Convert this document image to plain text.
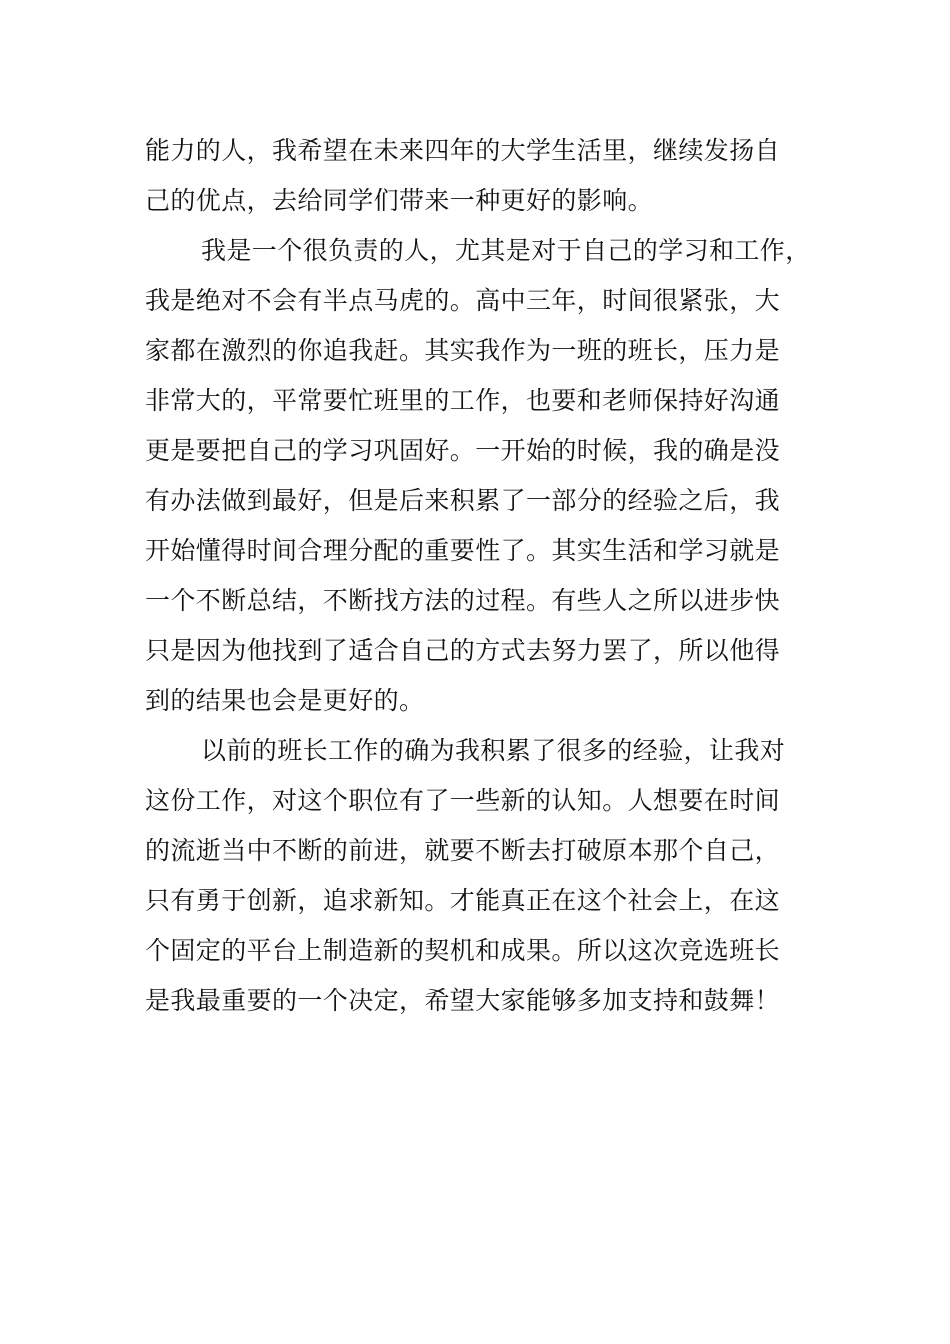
能力的人，我希望在未来四年的大学生活里，继续发扬自
己的优点，去给同学们带来一种更好的影响。
我是一个很负责的人，尤其是对于自己的学习和工作，
我是绝对不会有半点马虎的。高中三年，时间很紧张，大
家都在激烈的你追我赶。其实我作为一班的班长，压力是
非常大的，平常要忙班里的工作，也要和老师保持好沟通
更是要把自己的学习巩固好。一开始的时候，我的确是没
有办法做到最好，但是后来积累了一部分的经验之后，我
开始懂得时间合理分配的重要性了。其实生活和学习就是
一个不断总结，不断找方法的过程。有些人之所以进步快
只是因为他找到了适合自己的方式去努力罢了，所以他得
到的结果也会是更好的。
以前的班长工作的确为我积累了很多的经验，让我对
这份工作，对这个职位有了一些新的认知。人想要在时间
的流逝当中不断的前进，就要不断去打破原本那个自己，
只有勇于创新，追求新知。才能真正在这个社会上，在这
个固定的平台上制造新的契机和成果。所以这次竞选班长
是我最重要的一个决定，希望大家能够多加支持和鼓舞！
